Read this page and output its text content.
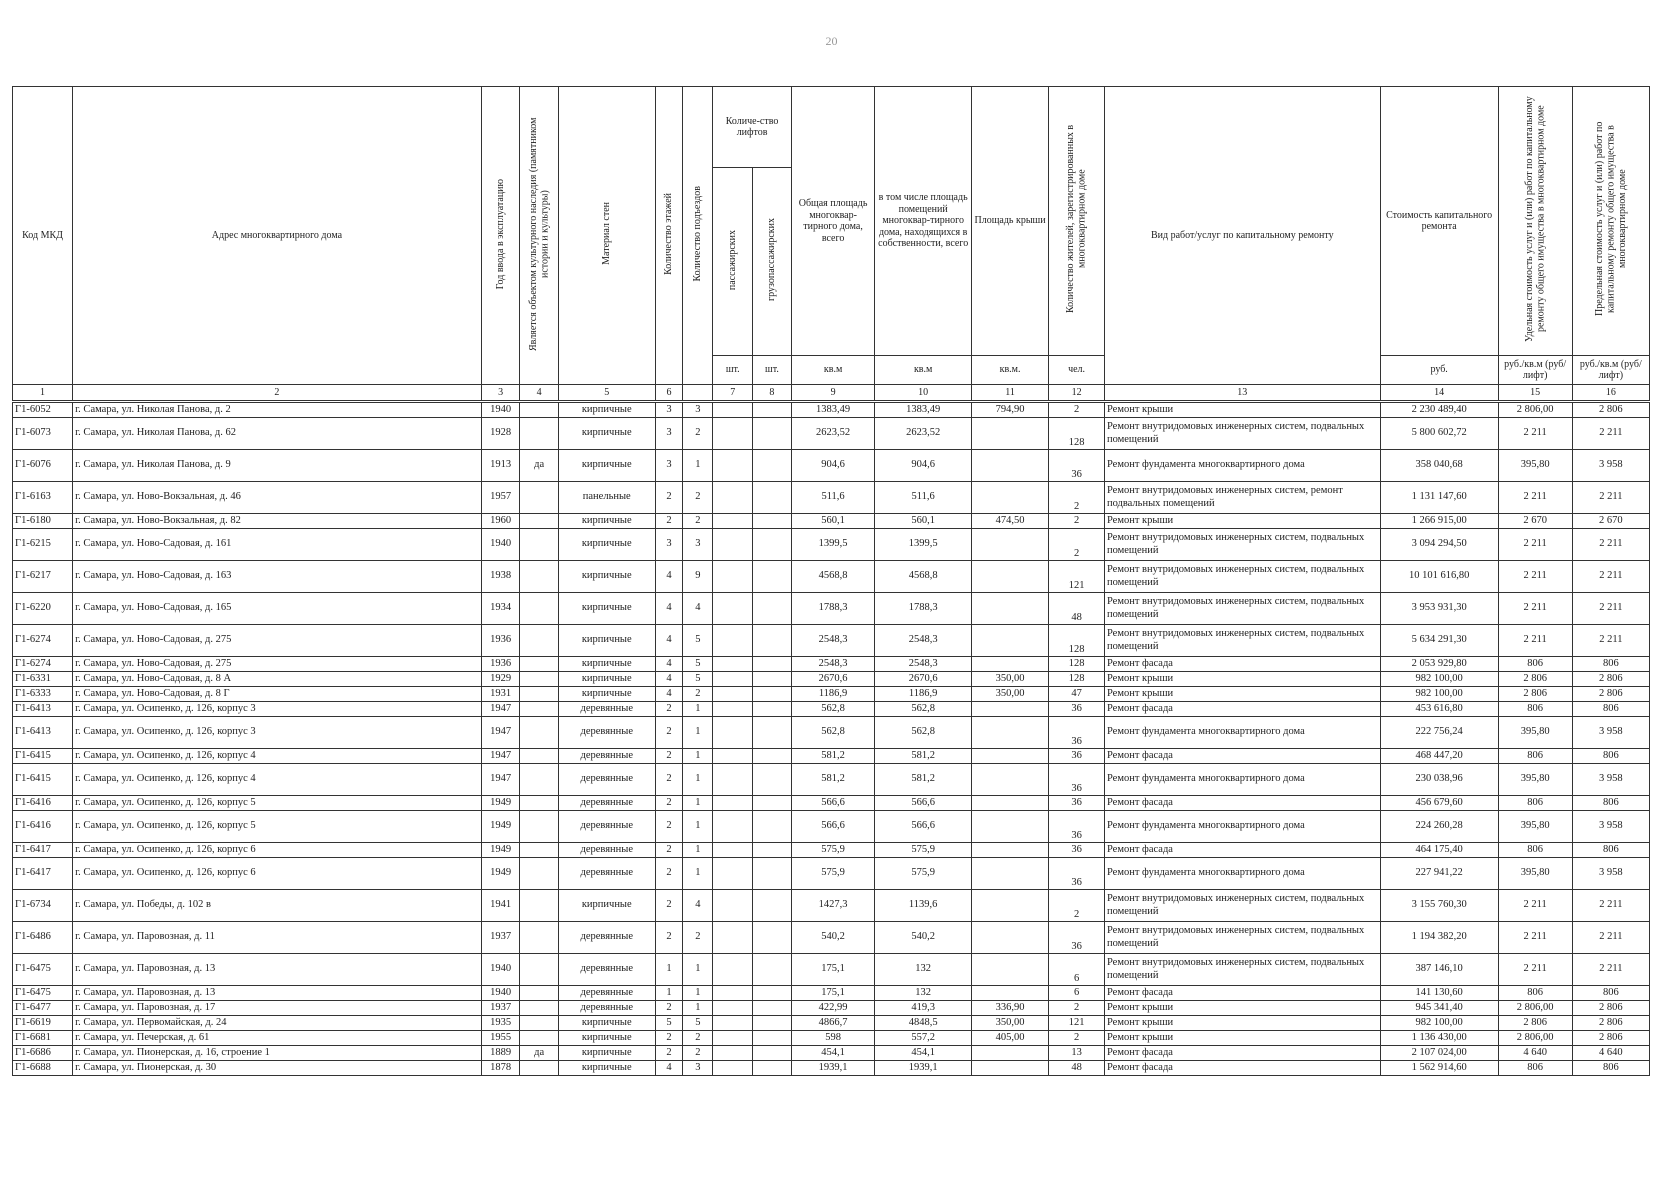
20
Код МКД	Адрес многоквартирного дома	Год ввода в эксплуатацию	Является объектом культурного наследия (памятником истории и культуры)	Материал стен	Количество этажей	Количество подъездов	Количе-ство лифтов		Общая площадь многоквар-тирного дома, всего	в том числе площадь помещений многоквар-тирного дома, находящихся в собственности, всего	Площадь крыши	Количество жителей, зарегистрированных в многоквартирном доме	Вид работ/услуг по капитальному ремонту	Стоимость капитального ремонта	Удельная стоимость услуг и (или) работ по капитальному ремонту общего имущества в многоквартирном доме	Предельная стоимость услуг и (или) работ по капитальному ремонту общего имущества в многоквартирном доме
							пассажирских	грузопассажирских								
							шт.	шт.	кв.м	кв.м	кв.м.	чел.		руб.	руб./кв.м (руб/лифт)	руб./кв.м (руб/лифт)
1	2	3	4	5	6		7	8	9	10	11	12	13	14	15	16
Г1-6052	г. Самара, ул. Николая Панова, д. 2	1940		кирпичные	3	3			1383,49	1383,49	794,90	2	Ремонт крыши	2 230 489,40	2 806,00	2 806
Г1-6073	г. Самара, ул. Николая Панова, д. 62	1928		кирпичные	3	2			2623,52	2623,52		128	Ремонт внутридомовых инженерных систем, подвальных помещений	5 800 602,72	2 211	2 211
Г1-6076	г. Самара, ул. Николая Панова, д. 9	1913	да	кирпичные	3	1			904,6	904,6		36	Ремонт фундамента многоквартирного дома	358 040,68	395,80	3 958
Г1-6163	г. Самара, ул. Ново-Вокзальная, д. 46	1957		панельные	2	2			511,6	511,6		2	Ремонт внутридомовых инженерных систем, ремонт подвальных помещений	1 131 147,60	2 211	2 211
Г1-6180	г. Самара, ул. Ново-Вокзальная, д. 82	1960		кирпичные	2	2			560,1	560,1	474,50	2	Ремонт крыши	1 266 915,00	2 670	2 670
Г1-6215	г. Самара, ул. Ново-Садовая, д. 161	1940		кирпичные	3	3			1399,5	1399,5		2	Ремонт внутридомовых инженерных систем, подвальных помещений	3 094 294,50	2 211	2 211
Г1-6217	г. Самара, ул. Ново-Садовая, д. 163	1938		кирпичные	4	9			4568,8	4568,8		121	Ремонт внутридомовых инженерных систем, подвальных помещений	10 101 616,80	2 211	2 211
Г1-6220	г. Самара, ул. Ново-Садовая, д. 165	1934		кирпичные	4	4			1788,3	1788,3		48	Ремонт внутридомовых инженерных систем, подвальных помещений	3 953 931,30	2 211	2 211
Г1-6274	г. Самара, ул. Ново-Садовая, д. 275	1936		кирпичные	4	5			2548,3	2548,3		128	Ремонт внутридомовых инженерных систем, подвальных помещений	5 634 291,30	2 211	2 211
Г1-6274	г. Самара, ул. Ново-Садовая, д. 275	1936		кирпичные	4	5			2548,3	2548,3		128	Ремонт фасада	2 053 929,80	806	806
Г1-6331	г. Самара, ул. Ново-Садовая, д. 8 А	1929		кирпичные	4	5			2670,6	2670,6	350,00	128	Ремонт крыши	982 100,00	2 806	2 806
Г1-6333	г. Самара, ул. Ново-Садовая, д. 8 Г	1931		кирпичные	4	2			1186,9	1186,9	350,00	47	Ремонт крыши	982 100,00	2 806	2 806
Г1-6413	г. Самара, ул. Осипенко, д. 126, корпус 3	1947		деревянные	2	1			562,8	562,8		36	Ремонт фасада	453 616,80	806	806
Г1-6413	г. Самара, ул. Осипенко, д. 126, корпус 3	1947		деревянные	2	1			562,8	562,8		36	Ремонт фундамента многоквартирного дома	222 756,24	395,80	3 958
Г1-6415	г. Самара, ул. Осипенко, д. 126, корпус 4	1947		деревянные	2	1			581,2	581,2		36	Ремонт фасада	468 447,20	806	806
Г1-6415	г. Самара, ул. Осипенко, д. 126, корпус 4	1947		деревянные	2	1			581,2	581,2		36	Ремонт фундамента многоквартирного дома	230 038,96	395,80	3 958
Г1-6416	г. Самара, ул. Осипенко, д. 126, корпус 5	1949		деревянные	2	1			566,6	566,6		36	Ремонт фасада	456 679,60	806	806
Г1-6416	г. Самара, ул. Осипенко, д. 126, корпус 5	1949		деревянные	2	1			566,6	566,6		36	Ремонт фундамента многоквартирного дома	224 260,28	395,80	3 958
Г1-6417	г. Самара, ул. Осипенко, д. 126, корпус 6	1949		деревянные	2	1			575,9	575,9		36	Ремонт фасада	464 175,40	806	806
Г1-6417	г. Самара, ул. Осипенко, д. 126, корпус 6	1949		деревянные	2	1			575,9	575,9		36	Ремонт фундамента многоквартирного дома	227 941,22	395,80	3 958
Г1-6734	г. Самара, ул. Победы, д. 102 в	1941		кирпичные	2	4			1427,3	1139,6		2	Ремонт внутридомовых инженерных систем, подвальных помещений	3 155 760,30	2 211	2 211
Г1-6486	г. Самара, ул. Паровозная, д. 11	1937		деревянные	2	2			540,2	540,2		36	Ремонт внутридомовых инженерных систем, подвальных помещений	1 194 382,20	2 211	2 211
Г1-6475	г. Самара, ул. Паровозная, д. 13	1940		деревянные	1	1			175,1	132		6	Ремонт внутридомовых инженерных систем, подвальных помещений	387 146,10	2 211	2 211
Г1-6475	г. Самара, ул. Паровозная, д. 13	1940		деревянные	1	1			175,1	132		6	Ремонт фасада	141 130,60	806	806
Г1-6477	г. Самара, ул. Паровозная, д. 17	1937		деревянные	2	1			422,99	419,3	336,90	2	Ремонт крыши	945 341,40	2 806,00	2 806
Г1-6619	г. Самара, ул. Первомайская, д. 24	1935		кирпичные	5	5			4866,7	4848,5	350,00	121	Ремонт крыши	982 100,00	2 806	2 806
Г1-6681	г. Самара, ул. Печерская, д. 61	1955		кирпичные	2	2			598	557,2	405,00	2	Ремонт крыши	1 136 430,00	2 806,00	2 806
Г1-6686	г. Самара, ул. Пионерская, д. 16, строение 1	1889	да	кирпичные	2	2			454,1	454,1		13	Ремонт фасада	2 107 024,00	4 640	4 640
Г1-6688	г. Самара, ул. Пионерская, д. 30	1878		кирпичные	4	3			1939,1	1939,1		48	Ремонт фасада	1 562 914,60	806	806
